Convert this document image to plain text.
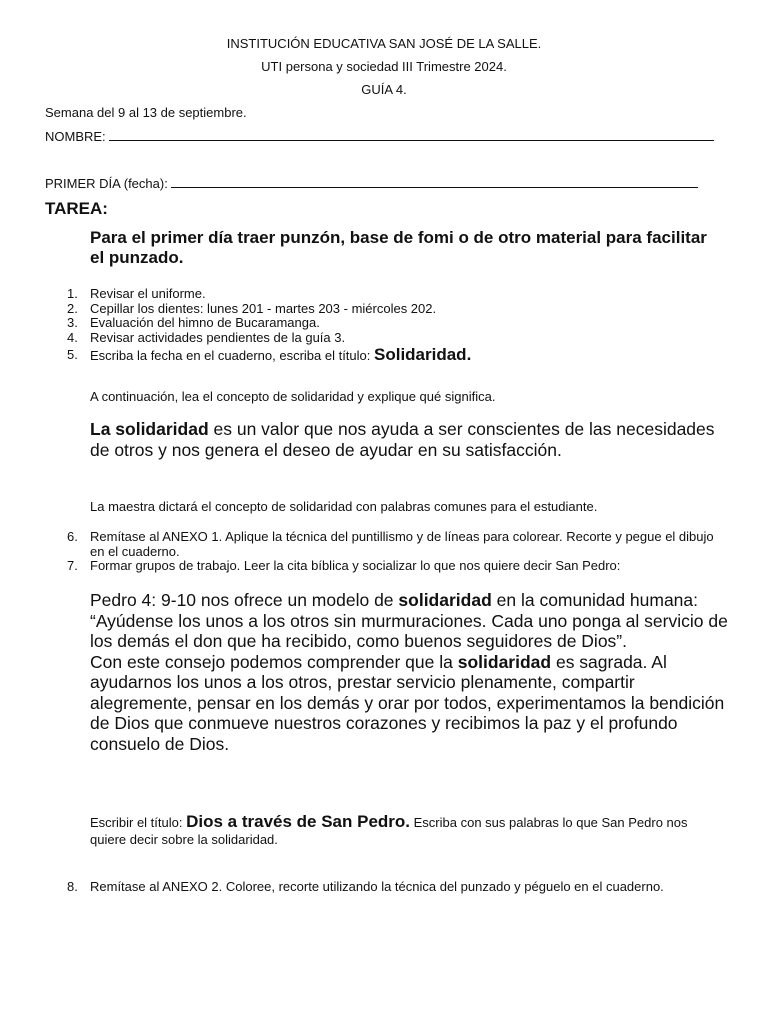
INSTITUCIÓN EDUCATIVA SAN JOSÉ DE LA SALLE.
UTI persona y sociedad III Trimestre 2024.
GUÍA 4.
Semana del 9 al 13 de septiembre.
NOMBRE:
PRIMER DÍA (fecha):
TAREA:
Para el primer día traer punzón, base de fomi o de otro material para facilitar el punzado.
1. Revisar el uniforme.
2. Cepillar los dientes: lunes 201 - martes 203 - miércoles 202.
3. Evaluación del himno de Bucaramanga.
4. Revisar actividades pendientes de la guía 3.
5. Escriba la fecha en el cuaderno, escriba el título: Solidaridad.
A continuación, lea el concepto de solidaridad y explique qué significa.
La solidaridad es un valor que nos ayuda a ser conscientes de las necesidades de otros y nos genera el deseo de ayudar en su satisfacción.
La maestra dictará el concepto de solidaridad con palabras comunes para el estudiante.
6. Remítase al ANEXO 1. Aplique la técnica del puntillismo y de líneas para colorear. Recorte y pegue el dibujo en el cuaderno.
7. Formar grupos de trabajo. Leer la cita bíblica y socializar lo que nos quiere decir San Pedro:
Pedro 4: 9-10 nos ofrece un modelo de solidaridad en la comunidad humana:
“Ayúdense los unos a los otros sin murmuraciones. Cada uno ponga al servicio de los demás el don que ha recibido, como buenos seguidores de Dios”.
Con este consejo podemos comprender que la solidaridad es sagrada. Al ayudarnos los unos a los otros, prestar servicio plenamente, compartir alegremente, pensar en los demás y orar por todos, experimentamos la bendición de Dios que conmueve nuestros corazones y recibimos la paz y el profundo consuelo de Dios.
Escribir el título: Dios a través de San Pedro. Escriba con sus palabras lo que San Pedro nos quiere decir sobre la solidaridad.
8. Remítase al ANEXO 2. Coloree, recorte utilizando la técnica del punzado y péguelo en el cuaderno.
